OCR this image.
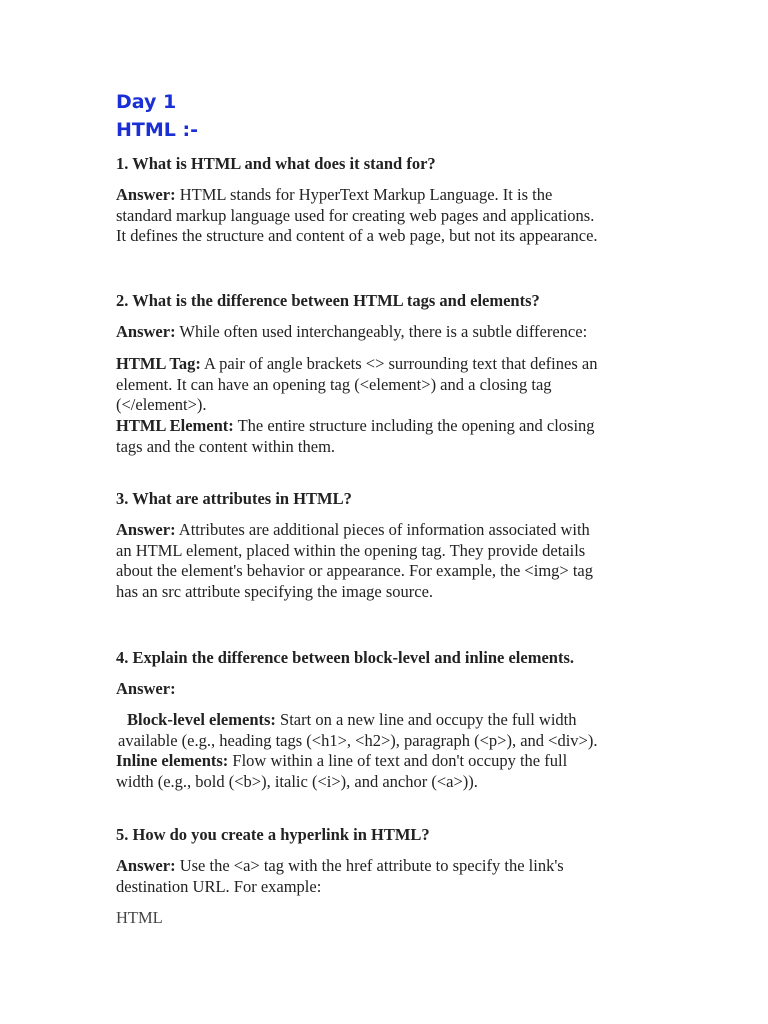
Day 1
HTML :-
1. What is HTML and what does it stand for?
Answer: HTML stands for HyperText Markup Language. It is the
standard markup language used for creating web pages and applications.
It defines the structure and content of a web page, but not its appearance.
2. What is the difference between HTML tags and elements?
Answer: While often used interchangeably, there is a subtle difference:
HTML Tag: A pair of angle brackets <> surrounding text that defines an
element. It can have an opening tag (<element>) and a closing tag
(</element>).
HTML Element: The entire structure including the opening and closing
tags and the content within them.
3. What are attributes in HTML?
Answer: Attributes are additional pieces of information associated with
an HTML element, placed within the opening tag. They provide details
about the element's behavior or appearance. For example, the <img> tag
has an src attribute specifying the image source.
4. Explain the difference between block-level and inline elements.
Answer:
Block-level elements: Start on a new line and occupy the full width
available (e.g., heading tags (<h1>, <h2>), paragraph (<p>), and <div>).
Inline elements: Flow within a line of text and don't occupy the full
width (e.g., bold (<b>), italic (<i>), and anchor (<a>)).
5. How do you create a hyperlink in HTML?
Answer: Use the <a> tag with the href attribute to specify the link's
destination URL. For example:
HTML
